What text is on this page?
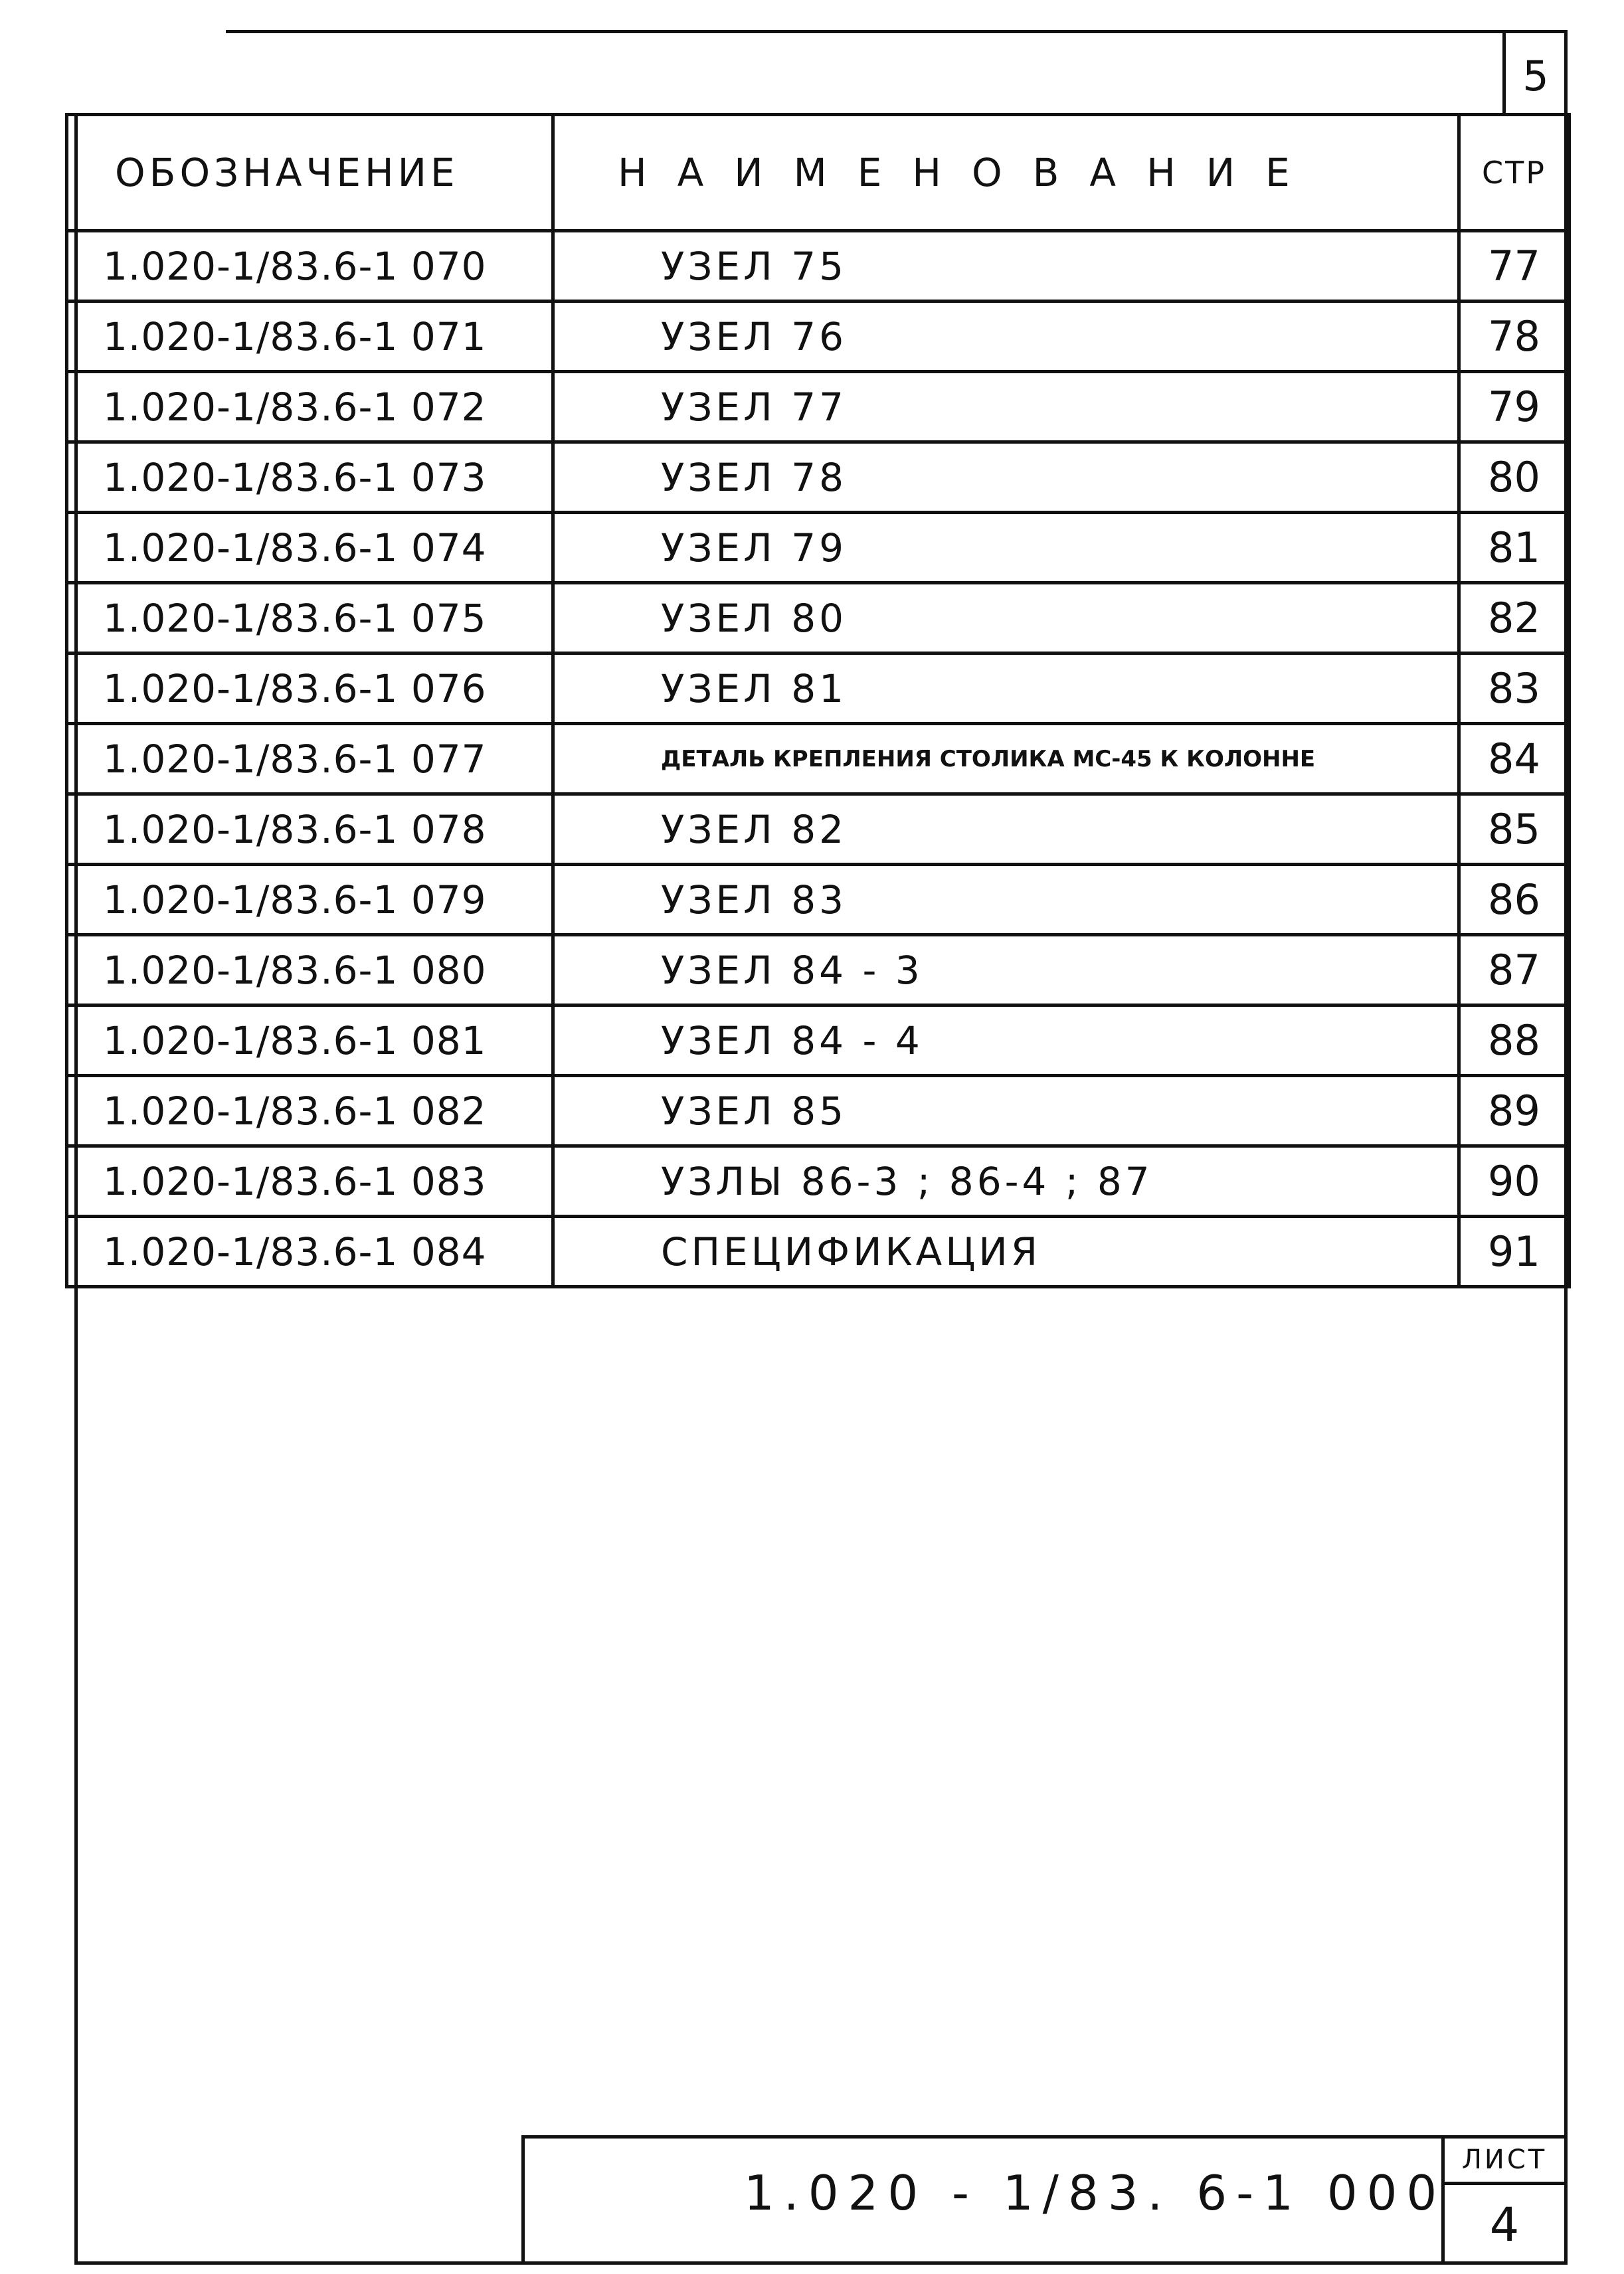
5
ОБОЗНАЧЕНИЕ	НАИМЕНОВАНИЕ	СТР
1.020-1/83.6-1 070	УЗЕЛ 75	77
1.020-1/83.6-1 071	УЗЕЛ 76	78
1.020-1/83.6-1 072	УЗЕЛ 77	79
1.020-1/83.6-1 073	УЗЕЛ 78	80
1.020-1/83.6-1 074	УЗЕЛ 79	81
1.020-1/83.6-1 075	УЗЕЛ 80	82
1.020-1/83.6-1 076	УЗЕЛ 81	83
1.020-1/83.6-1 077	ДЕТАЛЬ КРЕПЛЕНИЯ СТОЛИКА МС-45 К КОЛОННЕ	84
1.020-1/83.6-1 078	УЗЕЛ 82	85
1.020-1/83.6-1 079	УЗЕЛ 83	86
1.020-1/83.6-1 080	УЗЕЛ 84 - 3	87
1.020-1/83.6-1 081	УЗЕЛ 84 - 4	88
1.020-1/83.6-1 082	УЗЕЛ 85	89
1.020-1/83.6-1 083	УЗЛЫ 86-3 ; 86-4 ; 87	90
1.020-1/83.6-1 084	СПЕЦИФИКАЦИЯ	91
1.020 - 1/83. 6-1 000
ЛИСТ
4
